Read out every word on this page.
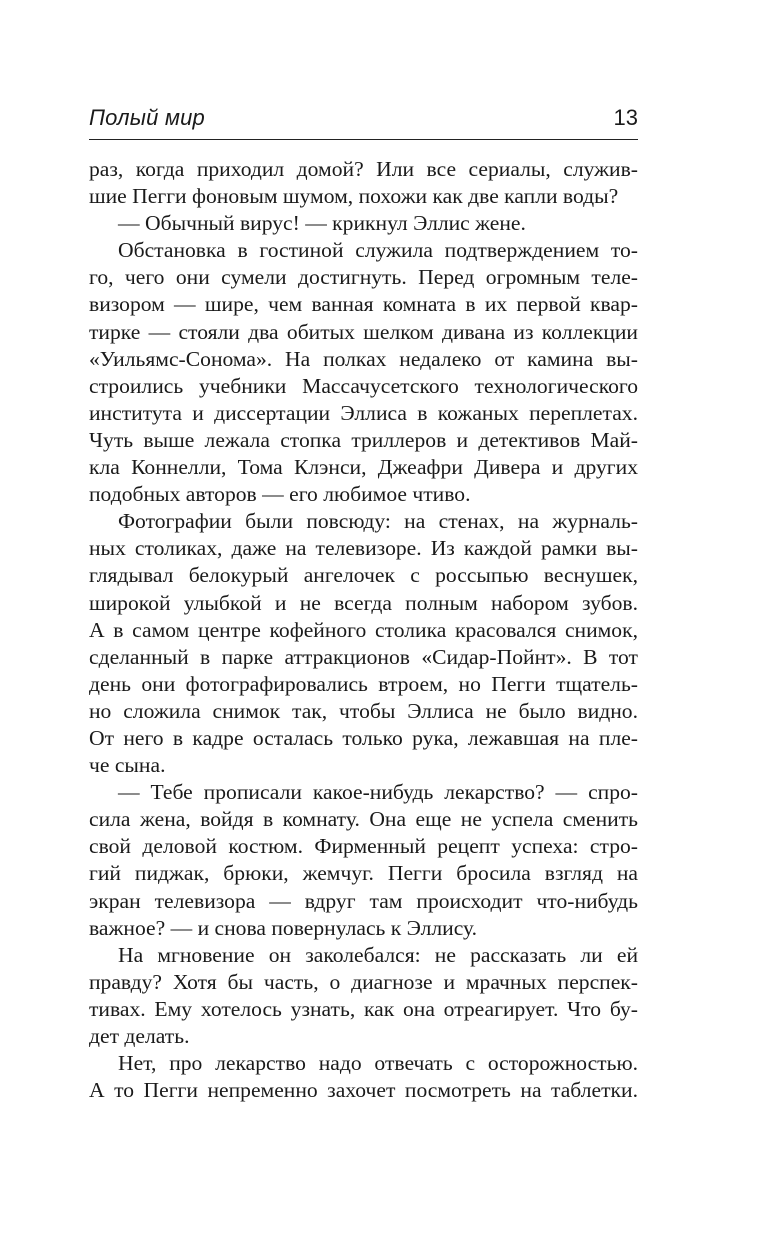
Полый мир	13
раз, когда приходил домой? Или все сериалы, служив-
шие Пегги фоновым шумом, похожи как две капли воды?
— Обычный вирус! — крикнул Эллис жене.
Обстановка в гостиной служила подтверждением то-
го, чего они сумели достигнуть. Перед огромным теле-
визором — шире, чем ванная комната в их первой квар-
тирке — стояли два обитых шелком дивана из коллекции
«Уильямс-Сонома». На полках недалеко от камина вы-
строились учебники Массачусетского технологического
института и диссертации Эллиса в кожаных переплетах.
Чуть выше лежала стопка триллеров и детективов Май-
кла Коннелли, Тома Клэнси, Джеафри Дивера и других
подобных авторов — его любимое чтиво.
Фотографии были повсюду: на стенах, на журналь-
ных столиках, даже на телевизоре. Из каждой рамки вы-
глядывал белокурый ангелочек с россыпью веснушек,
широкой улыбкой и не всегда полным набором зубов.
А в самом центре кофейного столика красовался снимок,
сделанный в парке аттракционов «Сидар-Пойнт». В тот
день они фотографировались втроем, но Пегги тщатель-
но сложила снимок так, чтобы Эллиса не было видно.
От него в кадре осталась только рука, лежавшая на пле-
че сына.
— Тебе прописали какое-нибудь лекарство? — спро-
сила жена, войдя в комнату. Она еще не успела сменить
свой деловой костюм. Фирменный рецепт успеха: стро-
гий пиджак, брюки, жемчуг. Пегги бросила взгляд на
экран телевизора — вдруг там происходит что-нибудь
важное? — и снова повернулась к Эллису.
На мгновение он заколебался: не рассказать ли ей
правду? Хотя бы часть, о диагнозе и мрачных перспек-
тивах. Ему хотелось узнать, как она отреагирует. Что бу-
дет делать.
Нет, про лекарство надо отвечать с осторожностью.
А то Пегги непременно захочет посмотреть на таблетки.
